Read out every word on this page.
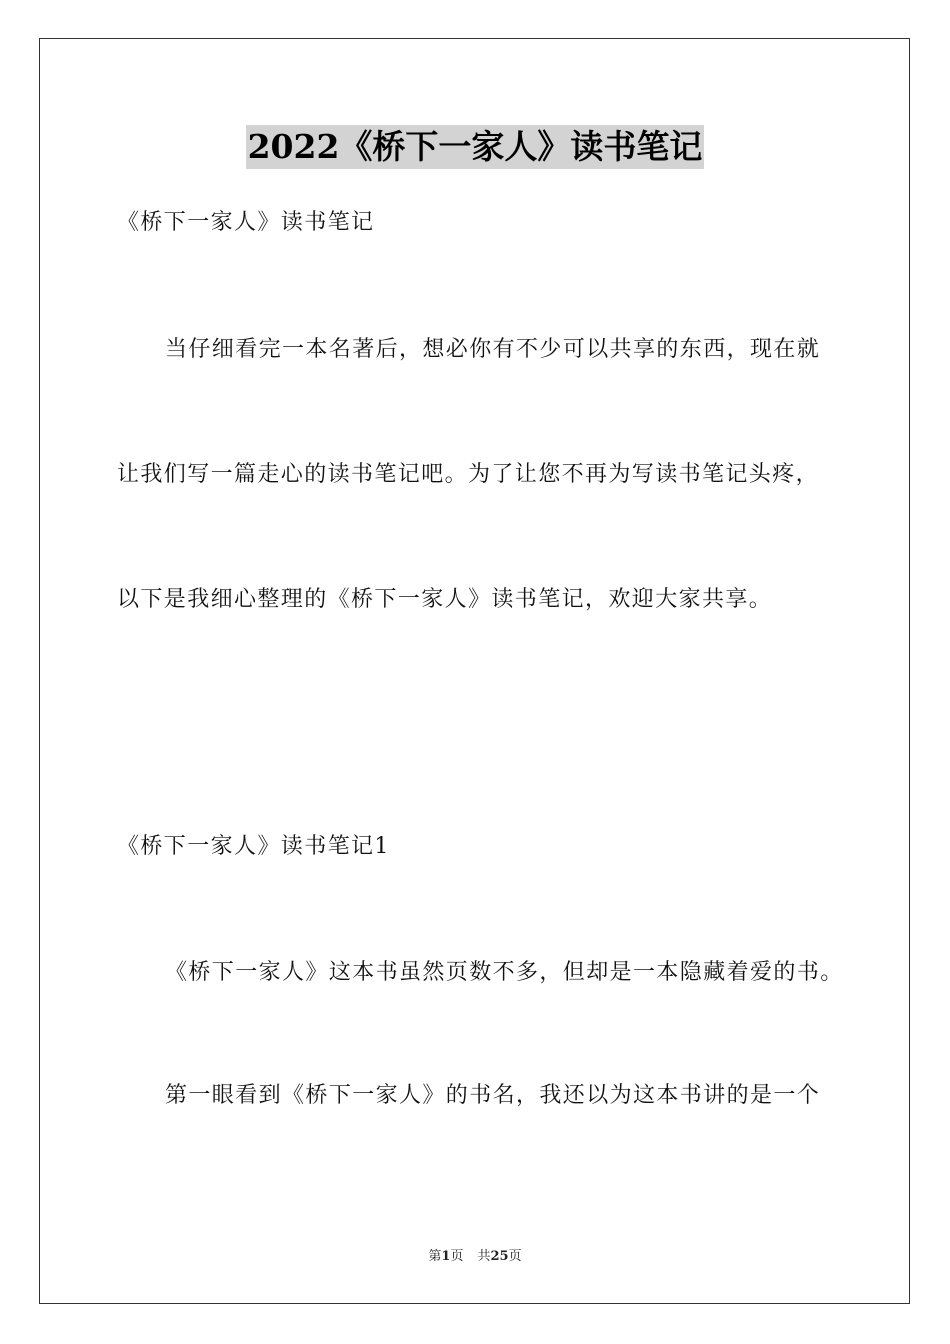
2022《桥下一家人》读书笔记
《桥下一家人》读书笔记
当仔细看完一本名著后，想必你有不少可以共享的东西，现在就
让我们写一篇走心的读书笔记吧。为了让您不再为写读书笔记头疼，
以下是我细心整理的《桥下一家人》读书笔记，欢迎大家共享。
《桥下一家人》读书笔记1
《桥下一家人》这本书虽然页数不多，但却是一本隐藏着爱的书。
第一眼看到《桥下一家人》的书名，我还以为这本书讲的是一个
第1页 共25页
